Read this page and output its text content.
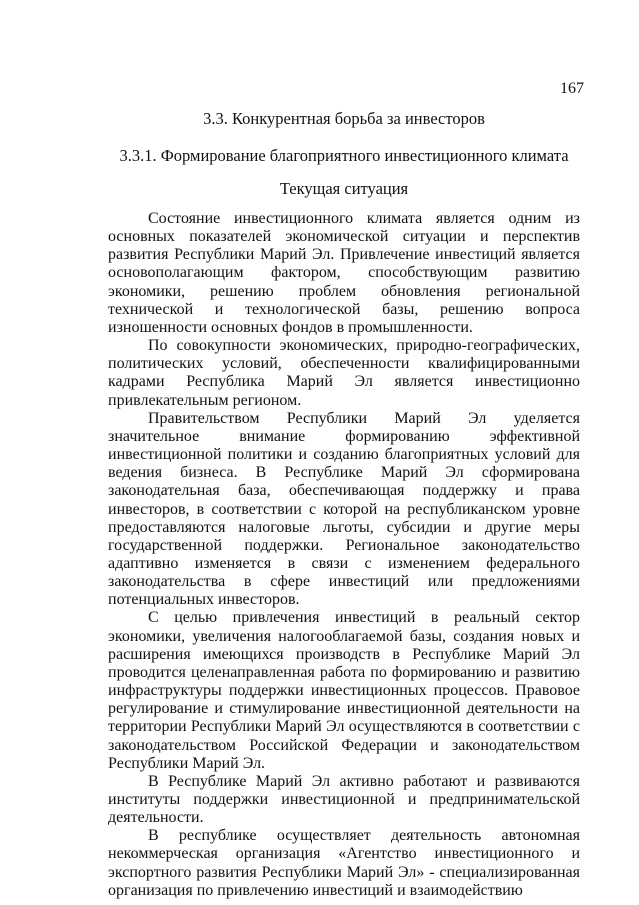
167
3.3. Конкурентная борьба за инвесторов
3.3.1. Формирование благоприятного инвестиционного климата
Текущая ситуация

Состояние инвестиционного климата является одним из основных показателей экономической ситуации и перспектив развития Республики Марий Эл. Привлечение инвестиций является основополагающим фактором, способствующим развитию экономики, решению проблем обновления региональной технической и технологической базы, решению вопроса изношенности основных фондов в промышленности.

По совокупности экономических, природно-географических, политических условий, обеспеченности квалифицированными кадрами Республика Марий Эл является инвестиционно привлекательным регионом.

Правительством Республики Марий Эл уделяется значительное внимание формированию эффективной инвестиционной политики и созданию благоприятных условий для ведения бизнеса. В Республике Марий Эл сформирована законодательная база, обеспечивающая поддержку и права инвесторов, в соответствии с которой на республиканском уровне предоставляются налоговые льготы, субсидии и другие меры государственной поддержки. Региональное законодательство адаптивно изменяется в связи с изменением федерального законодательства в сфере инвестиций или предложениями потенциальных инвесторов.

С целью привлечения инвестиций в реальный сектор экономики, увеличения налогооблагаемой базы, создания новых и расширения имеющихся производств в Республике Марий Эл проводится целенаправленная работа по формированию и развитию инфраструктуры поддержки инвестиционных процессов. Правовое регулирование и стимулирование инвестиционной деятельности на территории Республики Марий Эл осуществляются в соответствии с законодательством Российской Федерации и законодательством Республики Марий Эл.

В Республике Марий Эл активно работают и развиваются институты поддержки инвестиционной и предпринимательской деятельности.

В республике осуществляет деятельность автономная некоммерческая организация «Агентство инвестиционного и экспортного развития Республики Марий Эл» - специализированная организация по привлечению инвестиций и взаимодействию
